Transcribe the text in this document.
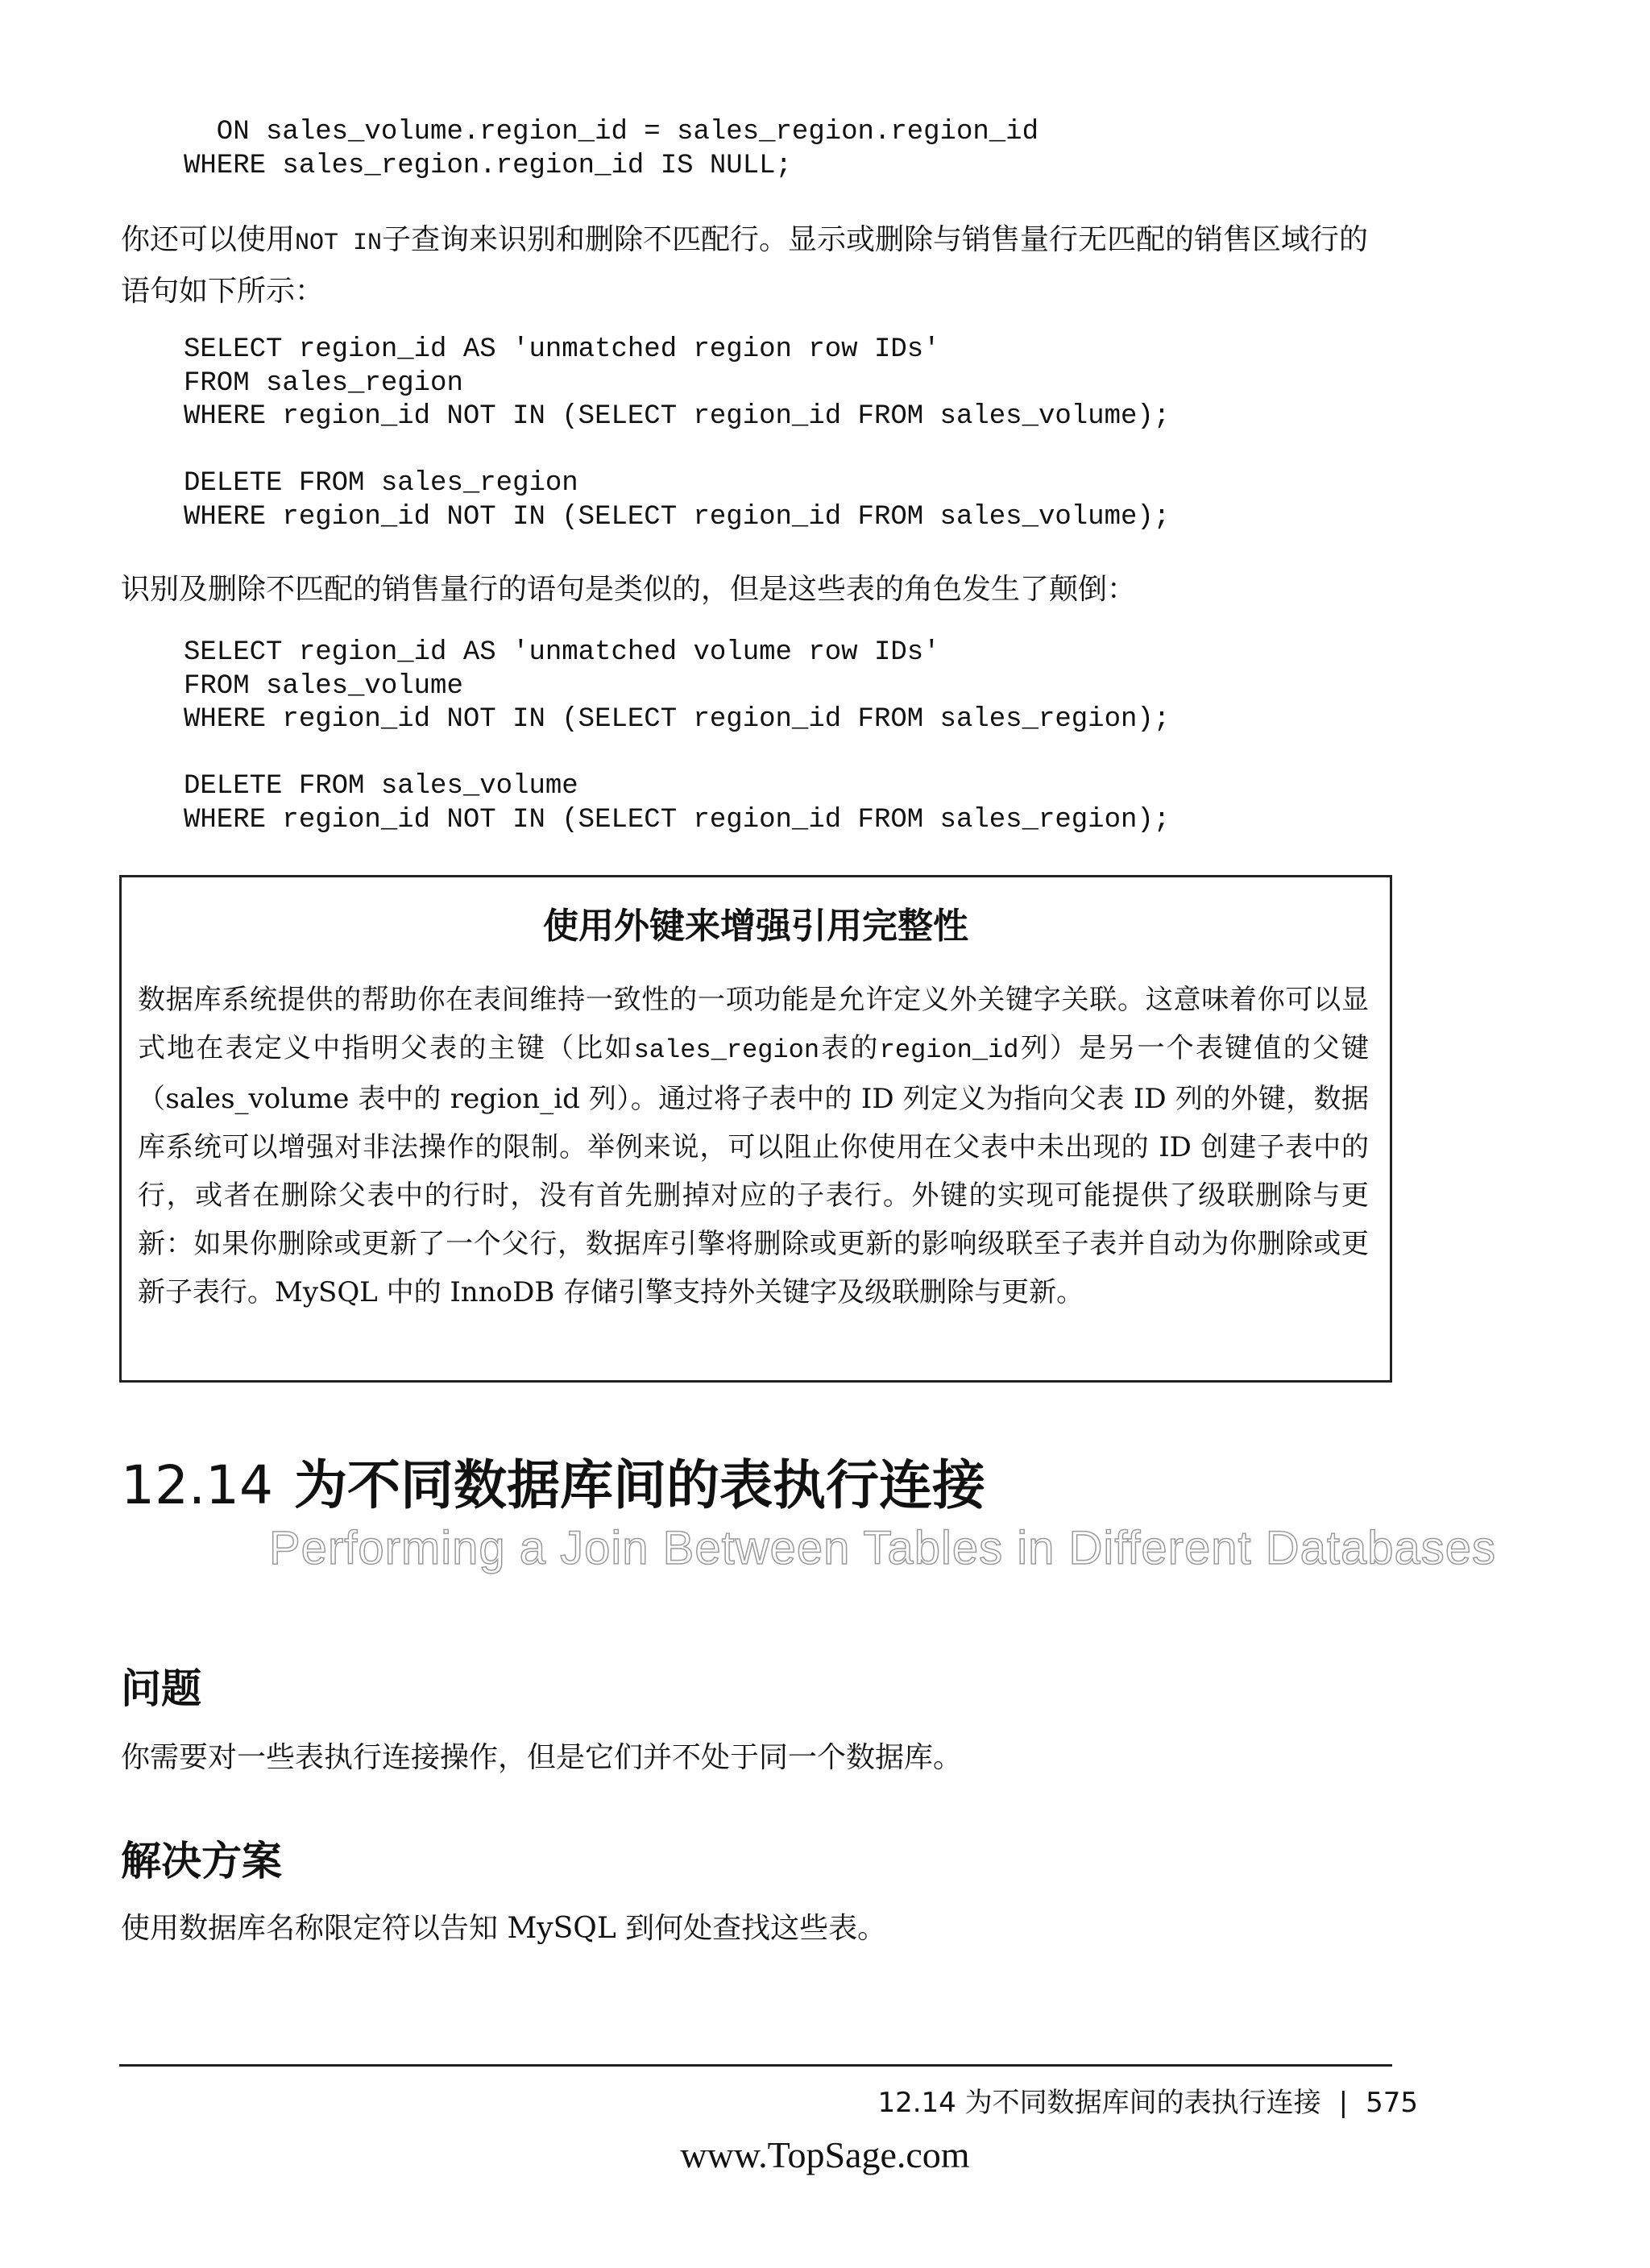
ON sales_volume.region_id = sales_region.region_id
WHERE sales_region.region_id IS NULL;
你还可以使用NOT IN子查询来识别和删除不匹配行。显示或删除与销售量行无匹配的销售区域行的语句如下所示：
SELECT region_id AS 'unmatched region row IDs'
FROM sales_region
WHERE region_id NOT IN (SELECT region_id FROM sales_volume);

DELETE FROM sales_region
WHERE region_id NOT IN (SELECT region_id FROM sales_volume);
识别及删除不匹配的销售量行的语句是类似的，但是这些表的角色发生了颠倒：
SELECT region_id AS 'unmatched volume row IDs'
FROM sales_volume
WHERE region_id NOT IN (SELECT region_id FROM sales_region);

DELETE FROM sales_volume
WHERE region_id NOT IN (SELECT region_id FROM sales_region);
使用外键来增强引用完整性
数据库系统提供的帮助你在表间维持一致性的一项功能是允许定义外关键字关联。这意味着你可以显式地在表定义中指明父表的主键（比如sales_region表的region_id列）是另一个表键值的父键（sales_volume 表中的 region_id 列）。通过将子表中的 ID 列定义为指向父表 ID 列的外键，数据库系统可以增强对非法操作的限制。举例来说，可以阻止你使用在父表中未出现的 ID 创建子表中的行，或者在删除父表中的行时，没有首先删掉对应的子表行。外键的实现可能提供了级联删除与更新：如果你删除或更新了一个父行，数据库引擎将删除或更新的影响级联至子表并自动为你删除或更新子表行。MySQL 中的 InnoDB 存储引擎支持外关键字及级联删除与更新。
12.14 为不同数据库间的表执行连接
Performing a Join Between Tables in Different Databases
问题
你需要对一些表执行连接操作，但是它们并不处于同一个数据库。
解决方案
使用数据库名称限定符以告知 MySQL 到何处查找这些表。
12.14 为不同数据库间的表执行连接 | 575
www.TopSage.com
